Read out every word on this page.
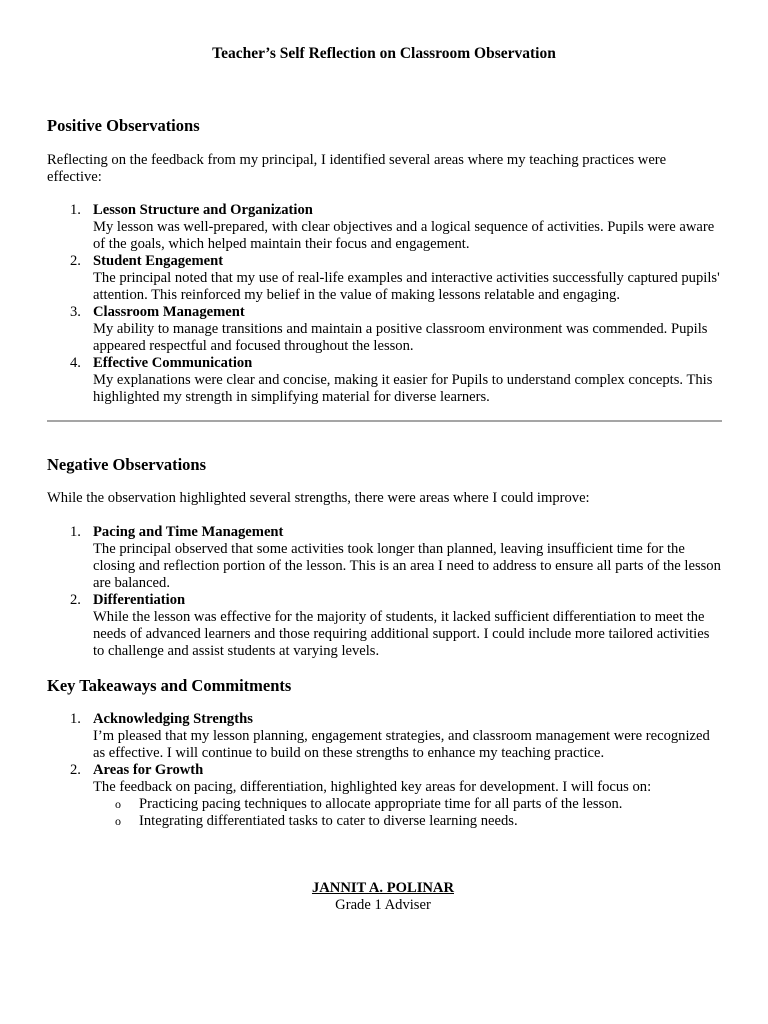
Teacher’s Self Reflection on Classroom Observation
Positive Observations
Reflecting on the feedback from my principal, I identified several areas where my teaching practices were effective:
1. Lesson Structure and Organization
My lesson was well-prepared, with clear objectives and a logical sequence of activities. Pupils were aware of the goals, which helped maintain their focus and engagement.
2. Student Engagement
The principal noted that my use of real-life examples and interactive activities successfully captured pupils' attention. This reinforced my belief in the value of making lessons relatable and engaging.
3. Classroom Management
My ability to manage transitions and maintain a positive classroom environment was commended. Pupils appeared respectful and focused throughout the lesson.
4. Effective Communication
My explanations were clear and concise, making it easier for Pupils to understand complex concepts. This highlighted my strength in simplifying material for diverse learners.
Negative Observations
While the observation highlighted several strengths, there were areas where I could improve:
1. Pacing and Time Management
The principal observed that some activities took longer than planned, leaving insufficient time for the closing and reflection portion of the lesson. This is an area I need to address to ensure all parts of the lesson are balanced.
2. Differentiation
While the lesson was effective for the majority of students, it lacked sufficient differentiation to meet the needs of advanced learners and those requiring additional support. I could include more tailored activities to challenge and assist students at varying levels.
Key Takeaways and Commitments
1. Acknowledging Strengths
I’m pleased that my lesson planning, engagement strategies, and classroom management were recognized as effective. I will continue to build on these strengths to enhance my teaching practice.
2. Areas for Growth
The feedback on pacing, differentiation, highlighted key areas for development. I will focus on:
o Practicing pacing techniques to allocate appropriate time for all parts of the lesson.
o Integrating differentiated tasks to cater to diverse learning needs.
JANNIT A. POLINAR
Grade 1 Adviser
